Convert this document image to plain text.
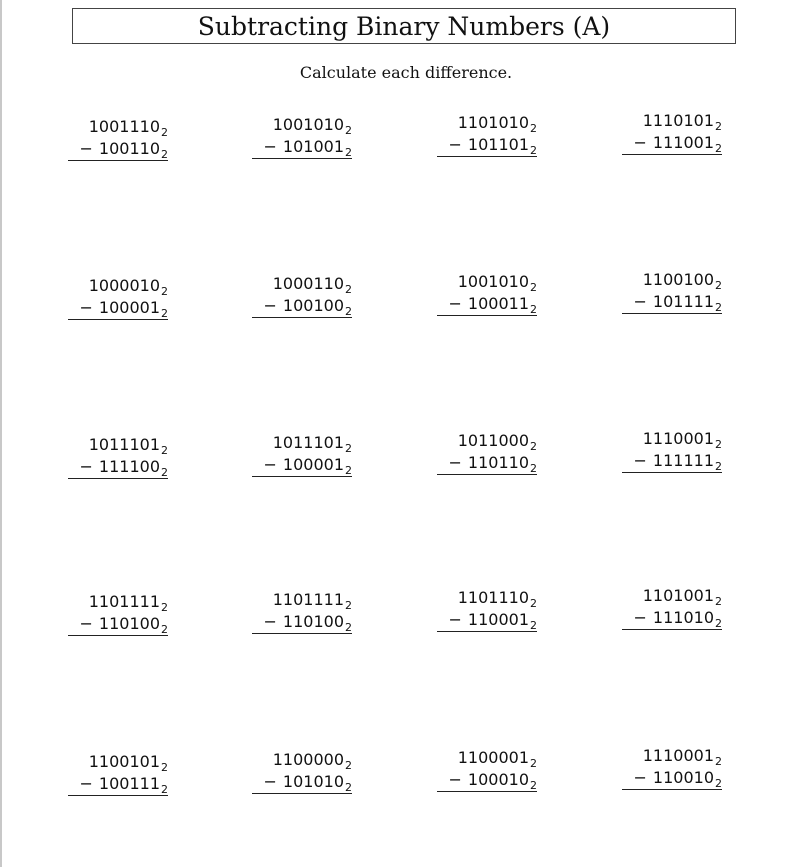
Subtracting Binary Numbers (A)
Calculate each difference.
1001110 2
− 100110 2
1001010 2
− 101001 2
1101010 2
− 101101 2
1110101 2
− 111001 2
1000010 2
− 100001 2
1000110 2
− 100100 2
1001010 2
− 100011 2
1100100 2
− 101111 2
1011101 2
− 111100 2
1011101 2
− 100001 2
1011000 2
− 110110 2
1110001 2
− 111111 2
1101111 2
− 110100 2
1101111 2
− 110100 2
1101110 2
− 110001 2
1101001 2
− 111010 2
1100101 2
− 100111 2
1100000 2
− 101010 2
1100001 2
− 100010 2
1110001 2
− 110010 2
